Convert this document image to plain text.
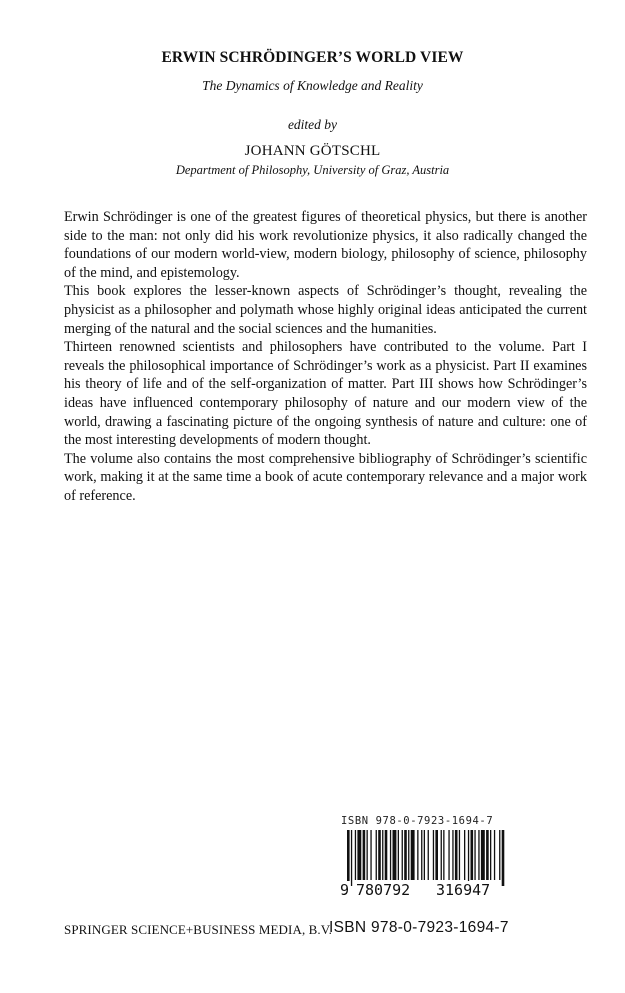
ERWIN SCHRÖDINGER’S WORLD VIEW
The Dynamics of Knowledge and Reality
edited by
JOHANN GÖTSCHL
Department of Philosophy, University of Graz, Austria

Erwin Schrödinger is one of the greatest figures of theoretical physics, but there is another side to the man: not only did his work revolutionize physics, it also radically changed the foundations of our modern world-view, modern biology, philosophy of science, philosophy of the mind, and epistemology.

This book explores the lesser-known aspects of Schrödinger’s thought, revealing the physicist as a philosopher and polymath whose highly original ideas anticipated the current merging of the natural and the social sciences and the humanities.

Thirteen renowned scientists and philosophers have contributed to the volume. Part I reveals the philosophical importance of Schrödinger’s work as a physicist. Part II examines his theory of life and of the self-organization of matter. Part III shows how Schrödinger’s ideas have influenced contemporary philosophy of nature and our modern view of the world, drawing a fascinating picture of the ongoing synthesis of nature and culture: one of the most interesting developments of modern thought.

The volume also contains the most comprehensive bibliography of Schrödinger’s scientific work, making it at the same time a book of acute contemporary relevance and a major work of reference.

ISBN 978-0-7923-1694-7
9 780792 316947
SPRINGER SCIENCE+BUSINESS MEDIA, B.V.
ISBN 978-0-7923-1694-7
